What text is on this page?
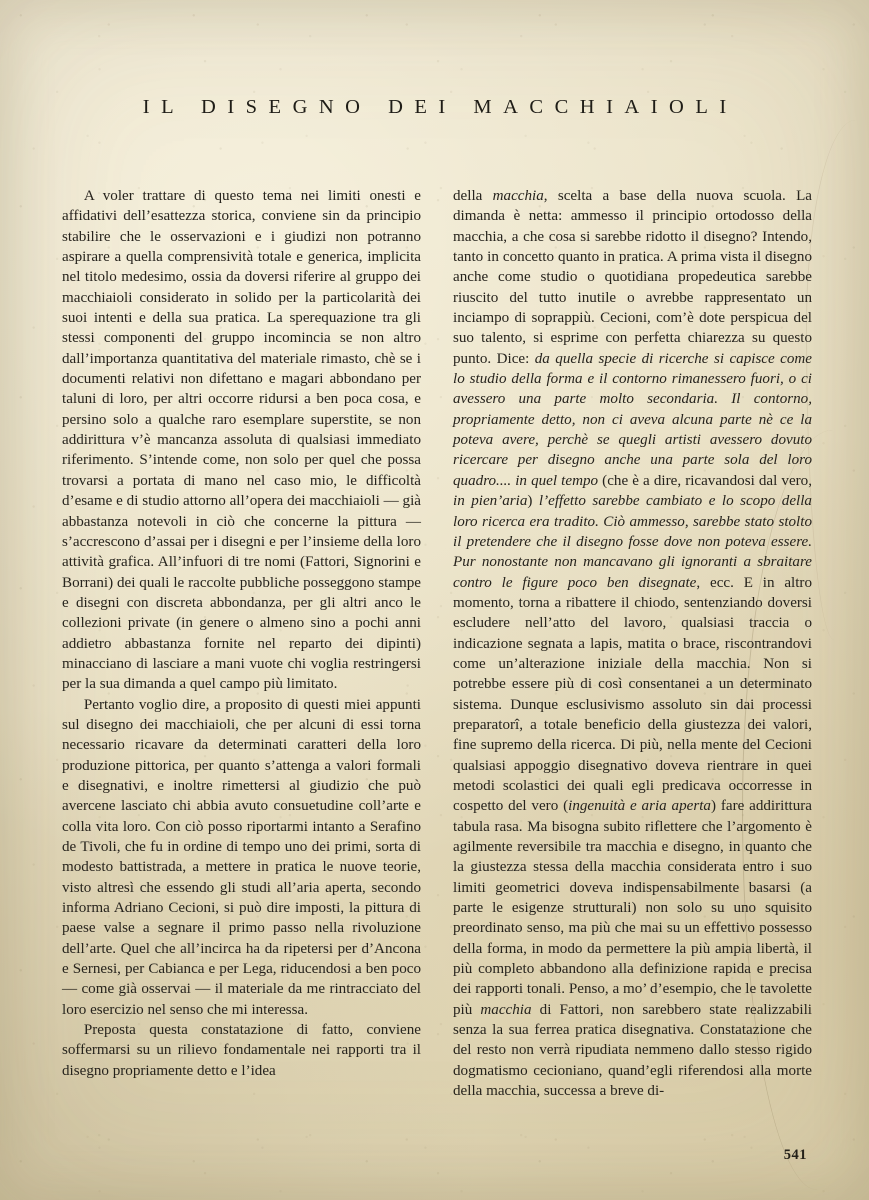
IL DISEGNO DEI MACCHIAIOLI

A voler trattare di questo tema nei limiti onesti e affidativi dell’esattezza storica, conviene sin da principio stabilire che le osservazioni e i giudizi non potranno aspirare a quella comprensività totale e generica, implicita nel titolo medesimo, ossia da doversi riferire al gruppo dei macchiaioli considerato in solido per la particolarità dei suoi intenti e della sua pratica. La sperequazione tra gli stessi componenti del gruppo incomincia se non altro dall’importanza quantitativa del materiale rimasto, chè se i documenti relativi non difettano e magari abbondano per taluni di loro, per altri occorre ridursi a ben poca cosa, e persino solo a qualche raro esemplare superstite, se non addirittura v’è mancanza assoluta di qualsiasi immediato riferimento. S’intende come, non solo per quel che possa trovarsi a portata di mano nel caso mio, le difficoltà d’esame e di studio attorno all’opera dei macchiaioli — già abbastanza notevoli in ciò che concerne la pittura — s’accrescono d’assai per i disegni e per l’insieme della loro attività grafica. All’infuori di tre nomi (Fattori, Signorini e Borrani) dei quali le raccolte pubbliche posseggono stampe e disegni con discreta abbondanza, per gli altri anco le collezioni private (in genere o almeno sino a pochi anni addietro abbastanza fornite nel reparto dei dipinti) minacciano di lasciare a mani vuote chi voglia restringersi per la sua dimanda a quel campo più limitato.

Pertanto voglio dire, a proposito di questi miei appunti sul disegno dei macchiaioli, che per alcuni di essi torna necessario ricavare da determinati caratteri della loro produzione pittorica, per quanto s’attenga a valori formali e disegnativi, e inoltre rimettersi al giudizio che può avercene lasciato chi abbia avuto consuetudine coll’arte e colla vita loro. Con ciò posso riportarmi intanto a Serafino de Tivoli, che fu in ordine di tempo uno dei primi, sorta di modesto battistrada, a mettere in pratica le nuove teorie, visto altresì che essendo gli studi all’aria aperta, secondo informa Adriano Cecioni, si può dire imposti, la pittura di paese valse a segnare il primo passo nella rivoluzione dell’arte. Quel che all’incirca ha da ripetersi per d’Ancona e Sernesi, per Cabianca e per Lega, riducendosi a ben poco — come già osservai — il materiale da me rintracciato del loro esercizio nel senso che mi interessa.

Preposta questa constatazione di fatto, conviene soffermarsi su un rilievo fondamentale nei rapporti tra il disegno propriamente detto e l’idea

della macchia, scelta a base della nuova scuola. La dimanda è netta: ammesso il principio ortodosso della macchia, a che cosa si sarebbe ridotto il disegno? Intendo, tanto in concetto quanto in pratica. A prima vista il disegno anche come studio o quotidiana propedeutica sarebbe riuscito del tutto inutile o avrebbe rappresentato un inciampo di soprappiù. Cecioni, com’è dote perspicua del suo talento, si esprime con perfetta chiarezza su questo punto. Dice: da quella specie di ricerche si capisce come lo studio della forma e il contorno rimanessero fuori, o ci avessero una parte molto secondaria. Il contorno, propriamente detto, non ci aveva alcuna parte nè ce la poteva avere, perchè se quegli artisti avessero dovuto ricercare per disegno anche una parte sola del loro quadro.... in quel tempo (che è a dire, ricavandosi dal vero, in pien’aria) l’effetto sarebbe cambiato e lo scopo della loro ricerca era tradito. Ciò ammesso, sarebbe stato stolto il pretendere che il disegno fosse dove non poteva essere. Pur nonostante non mancavano gli ignoranti a sbraitare contro le figure poco ben disegnate, ecc. E in altro momento, torna a ribattere il chiodo, sentenziando doversi escludere nell’atto del lavoro, qualsiasi traccia o indicazione segnata a lapis, matita o brace, riscontrandovi come un’alterazione iniziale della macchia. Non si potrebbe essere più di così consentanei a un determinato sistema. Dunque esclusivismo assoluto sin dai processi preparatorî, a totale beneficio della giustezza dei valori, fine supremo della ricerca. Di più, nella mente del Cecioni qualsiasi appoggio disegnativo doveva rientrare in quei metodi scolastici dei quali egli predicava occorresse in cospetto del vero (ingenuità e aria aperta) fare addirittura tabula rasa. Ma bisogna subito riflettere che l’argomento è agilmente reversibile tra macchia e disegno, in quanto che la giustezza stessa della macchia considerata entro i suo limiti geometrici doveva indispensabilmente basarsi (a parte le esigenze strutturali) non solo su uno squisito preordinato senso, ma più che mai su un effettivo possesso della forma, in modo da permettere la più ampia libertà, il più completo abbandono alla definizione rapida e precisa dei rapporti tonali. Penso, a mo’ d’esempio, che le tavolette più macchia di Fattori, non sarebbero state realizzabili senza la sua ferrea pratica disegnativa. Constatazione che del resto non verrà ripudiata nemmeno dallo stesso rigido dogmatismo cecioniano, quand’egli riferendosi alla morte della macchia, successa a breve di-

541
